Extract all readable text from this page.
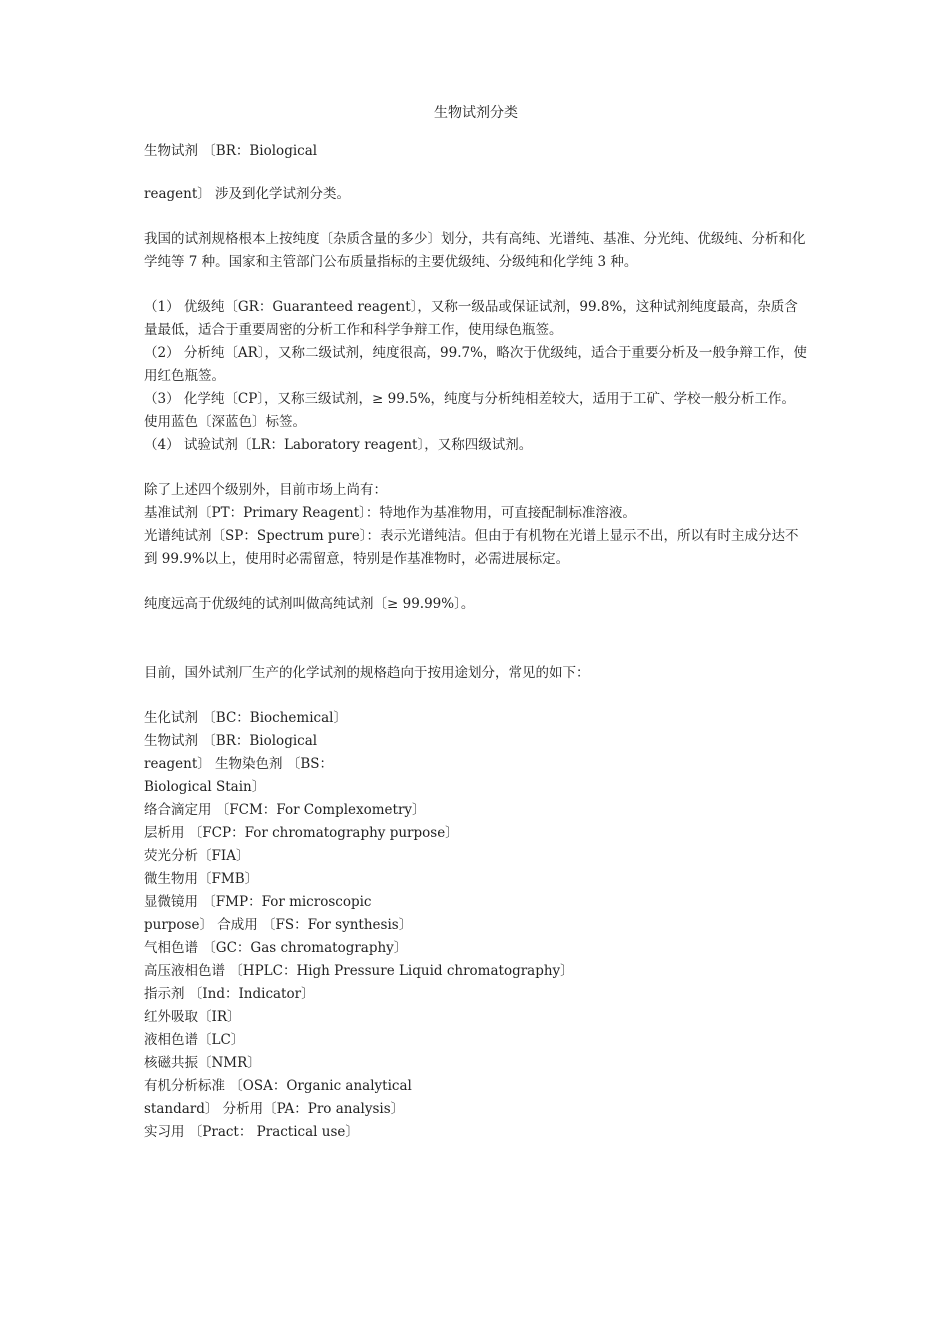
生物试剂分类

生物试剂 〔BR：Biological

reagent〕 涉及到化学试剂分类。

我国的试剂规格根本上按纯度〔杂质含量的多少〕划分，共有高纯、光谱纯、基准、分光纯、优级纯、分析和化学纯等 7 种。国家和主管部门公布质量指标的主要优级纯、分级纯和化学纯 3 种。

（1） 优级纯〔GR：Guaranteed reagent〕，又称一级品或保证试剂，99.8%，这种试剂纯度最高，杂质含量最低，适合于重要周密的分析工作和科学争辩工作，使用绿色瓶签。

（2） 分析纯〔AR〕，又称二级试剂，纯度很高，99.7%，略次于优级纯，适合于重要分析及一般争辩工作，使用红色瓶签。

（3） 化学纯〔CP〕，又称三级试剂，≥ 99.5%，纯度与分析纯相差较大，适用于工矿、学校一般分析工作。使用蓝色〔深蓝色〕标签。

（4） 试验试剂〔LR：Laboratory reagent〕，又称四级试剂。

除了上述四个级别外，目前市场上尚有：

基准试剂〔PT：Primary Reagent〕：特地作为基准物用，可直接配制标准溶液。

光谱纯试剂〔SP：Spectrum pure〕：表示光谱纯洁。但由于有机物在光谱上显示不出，所以有时主成分达不到 99.9%以上，使用时必需留意，特别是作基准物时，必需进展标定。

纯度远高于优级纯的试剂叫做高纯试剂〔≥ 99.99%〕。

目前，国外试剂厂生产的化学试剂的规格趋向于按用途划分，常见的如下：

生化试剂 〔BC：Biochemical〕
生物试剂 〔BR：Biological
reagent〕 生物染色剂 〔BS：
Biological Stain〕
络合滴定用 〔FCM：For Complexometry〕
层析用 〔FCP：For chromatography purpose〕
荧光分析〔FIA〕
微生物用〔FMB〕
显微镜用 〔FMP：For microscopic
purpose〕 合成用 〔FS：For synthesis〕
气相色谱 〔GC：Gas chromatography〕
高压液相色谱 〔HPLC：High Pressure Liquid chromatography〕
指示剂 〔Ind：Indicator〕
红外吸取〔IR〕
液相色谱〔LC〕
核磁共振〔NMR〕
有机分析标准 〔OSA：Organic analytical
standard〕 分析用〔PA：Pro analysis〕
实习用 〔Pract： Practical use〕
